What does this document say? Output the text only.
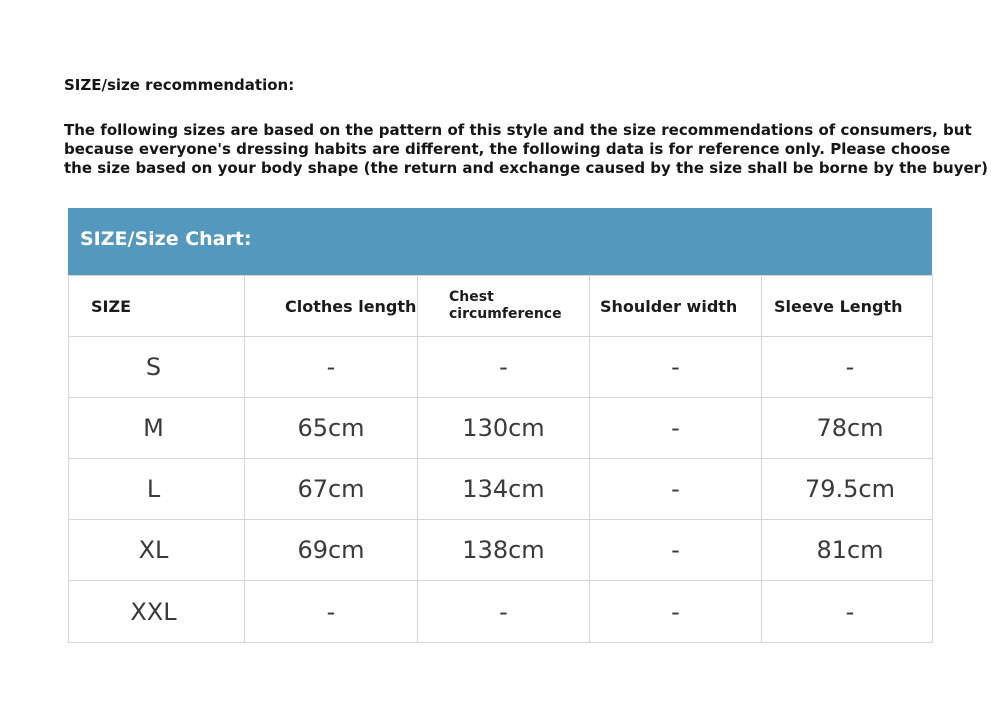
SIZE/size recommendation:
The following sizes are based on the pattern of this style and the size recommendations of consumers, but
because everyone's dressing habits are different, the following data is for reference only. Please choose
the size based on your body shape (the return and exchange caused by the size shall be borne by the buyer)
SIZE/Size Chart:
SIZE	Clothes length	Chest
circumference	Shoulder width	Sleeve Length
S	-	-	-	-
M	65cm	130cm	-	78cm
L	67cm	134cm	-	79.5cm
XL	69cm	138cm	-	81cm
XXL	-	-	-	-
